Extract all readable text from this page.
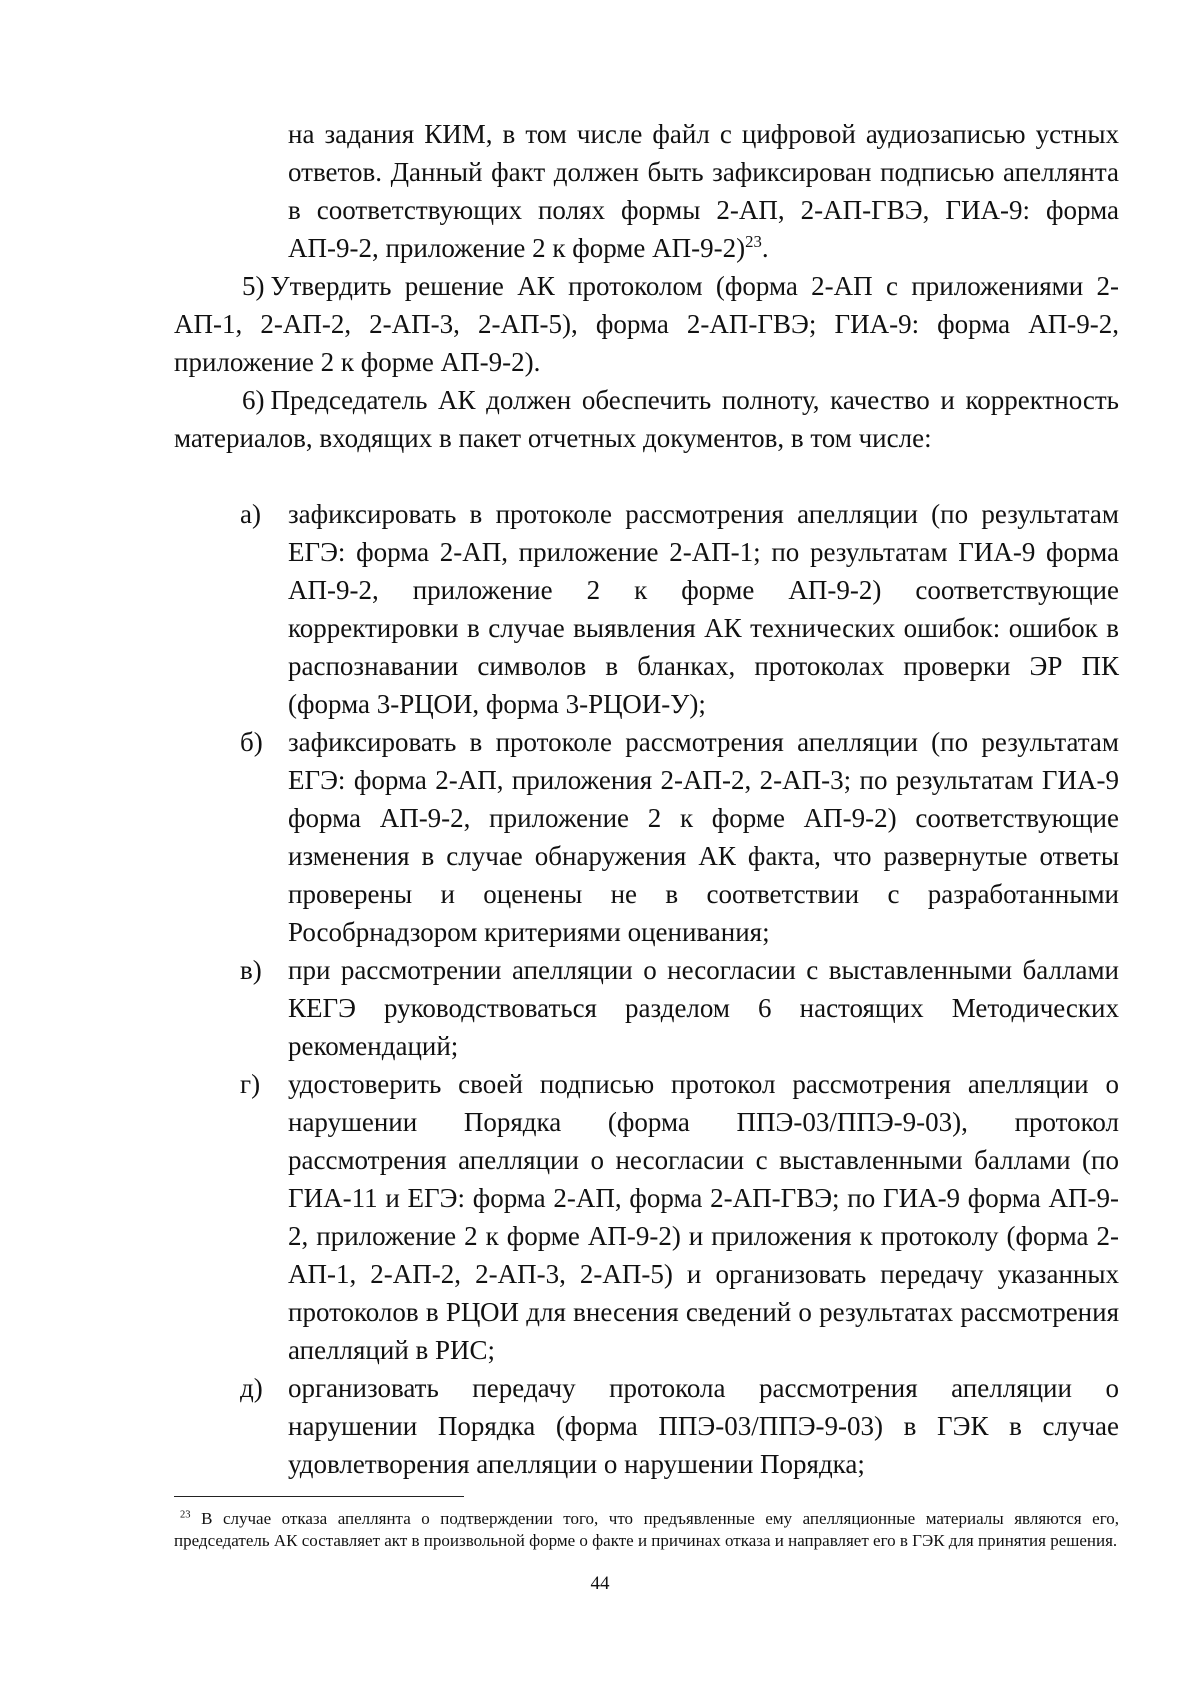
на задания КИМ, в том числе файл с цифровой аудиозаписью устных ответов. Данный факт должен быть зафиксирован подписью апеллянта в соответствующих полях формы 2-АП, 2-АП-ГВЭ, ГИА-9: форма АП-9-2, приложение 2 к форме АП-9-2)$^{23}$.
5) Утвердить решение АК протоколом (форма 2-АП с приложениями 2-АП-1, 2-АП-2, 2-АП-3, 2-АП-5), форма 2-АП-ГВЭ; ГИА-9: форма АП-9-2, приложение 2 к форме АП-9-2).
6) Председатель АК должен обеспечить полноту, качество и корректность материалов, входящих в пакет отчетных документов, в том числе:
а)	зафиксировать в протоколе рассмотрения апелляции (по результатам ЕГЭ: форма 2-АП, приложение 2-АП-1; по результатам ГИА-9 форма АП-9-2, приложение 2 к форме АП-9-2) соответствующие корректировки в случае выявления АК технических ошибок: ошибок в распознавании символов в бланках, протоколах проверки ЭР ПК (форма 3-РЦОИ, форма 3-РЦОИ-У);
б) зафиксировать в протоколе рассмотрения апелляции (по результатам ЕГЭ: форма 2-АП, приложения 2-АП-2, 2-АП-3; по результатам ГИА-9 форма АП-9-2, приложение 2 к форме АП-9-2) соответствующие изменения в случае обнаружения АК факта, что развернутые ответы проверены и оценены не в соответствии с разработанными Рособрнадзором критериями оценивания;
в) при рассмотрении апелляции о несогласии с выставленными баллами КЕГЭ руководствоваться разделом 6 настоящих Методических рекомендаций;
г)	удостоверить своей подписью протокол рассмотрения апелляции о нарушении Порядка (форма ППЭ-03/ППЭ-9-03), протокол рассмотрения апелляции о несогласии с выставленными баллами (по ГИА-11 и ЕГЭ: форма 2-АП, форма 2-АП-ГВЭ; по ГИА-9 форма АП-9-2, приложение 2 к форме АП-9-2) и приложения к протоколу (форма 2-АП-1, 2-АП-2, 2-АП-3, 2-АП-5) и организовать передачу указанных протоколов в РЦОИ для внесения сведений о результатах рассмотрения апелляций в РИС;
д) организовать передачу протокола рассмотрения апелляции о нарушении Порядка (форма ППЭ-03/ППЭ-9-03) в ГЭК в случае удовлетворения апелляции о нарушении Порядка;
$^{23}$ В случае отказа апеллянта о подтверждении того, что предъявленные ему апелляционные материалы являются его, председатель АК составляет акт в произвольной форме о факте и причинах отказа и направляет его в ГЭК для принятия решения.
44
